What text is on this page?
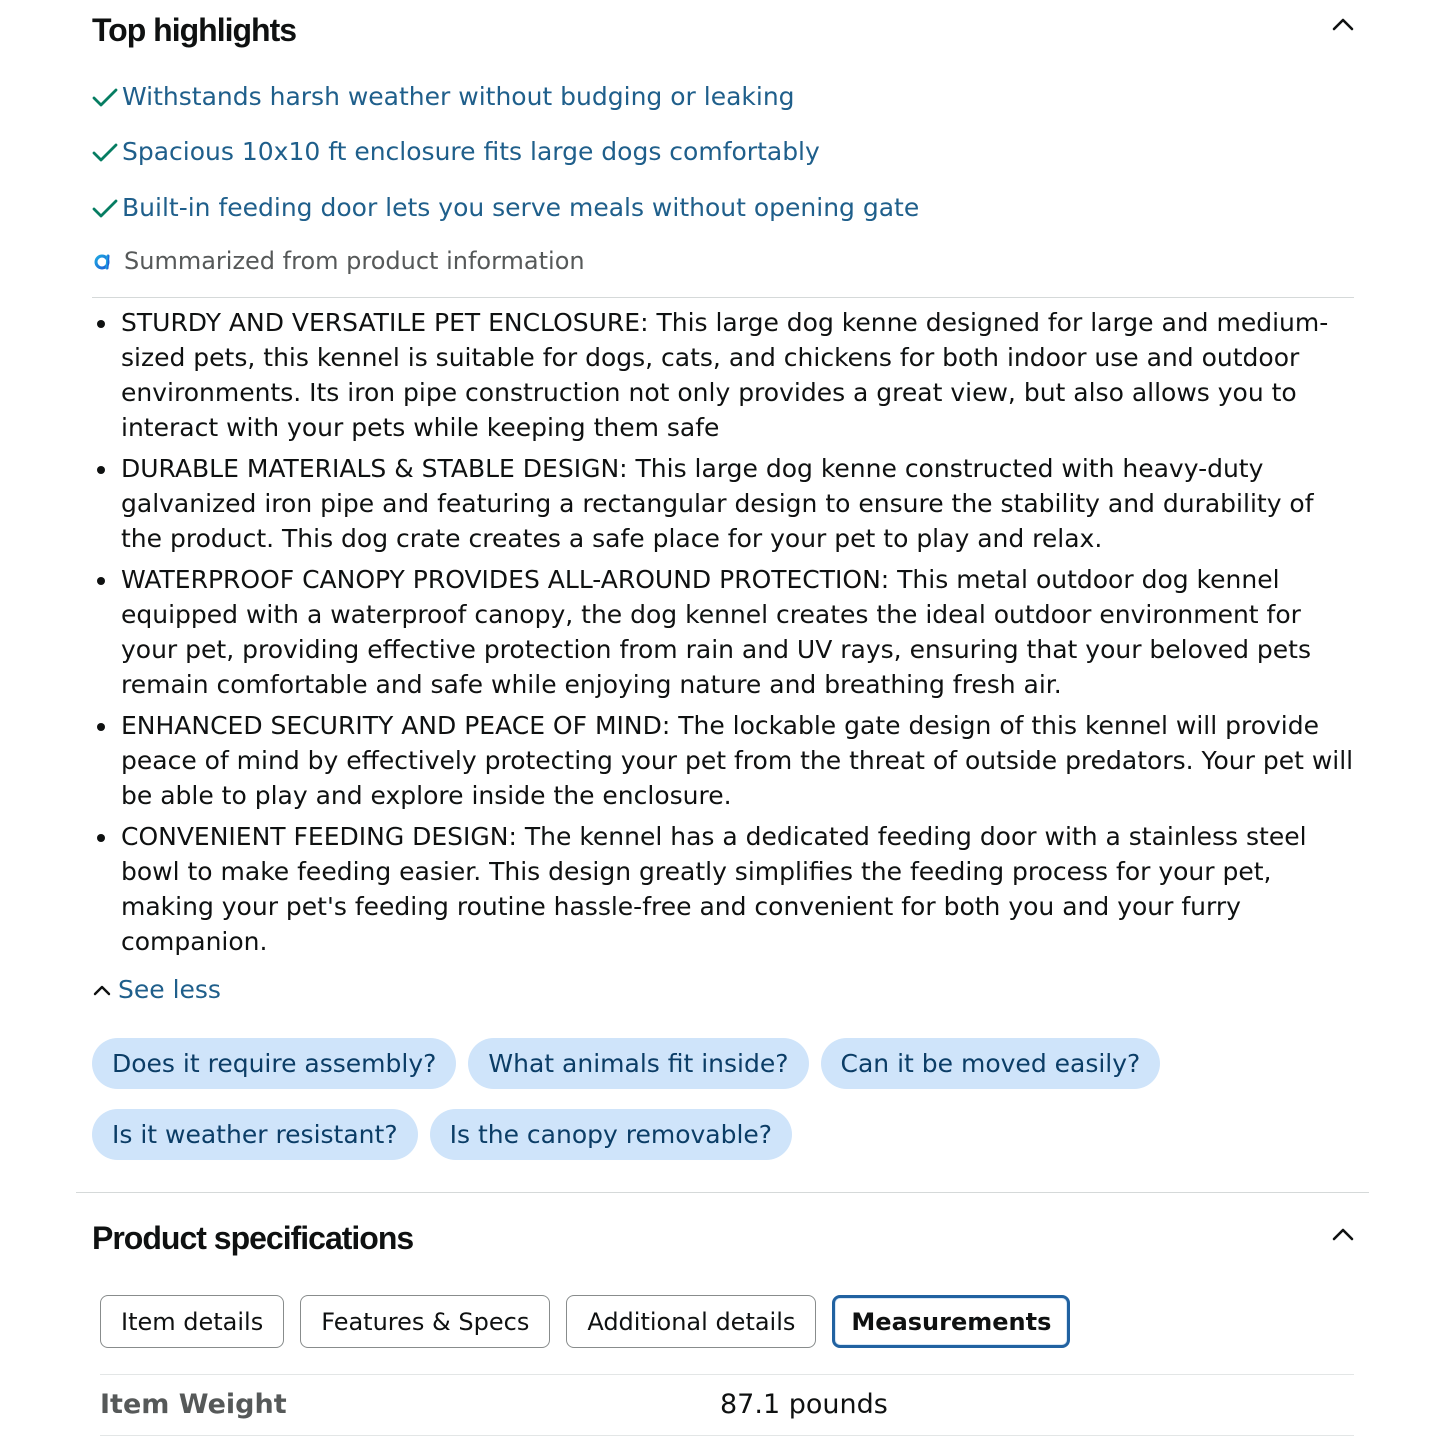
Top highlights
Withstands harsh weather without budging or leaking
Spacious 10x10 ft enclosure fits large dogs comfortably
Built-in feeding door lets you serve meals without opening gate
Summarized from product information
STURDY AND VERSATILE PET ENCLOSURE: This large dog kenne designed for large and medium-sized pets, this kennel is suitable for dogs, cats, and chickens for both indoor use and outdoor environments. Its iron pipe construction not only provides a great view, but also allows you to interact with your pets while keeping them safe
DURABLE MATERIALS & STABLE DESIGN: This large dog kenne constructed with heavy-duty galvanized iron pipe and featuring a rectangular design to ensure the stability and durability of the product. This dog crate creates a safe place for your pet to play and relax.
WATERPROOF CANOPY PROVIDES ALL-AROUND PROTECTION: This metal outdoor dog kennel equipped with a waterproof canopy, the dog kennel creates the ideal outdoor environment for your pet, providing effective protection from rain and UV rays, ensuring that your beloved pets remain comfortable and safe while enjoying nature and breathing fresh air.
ENHANCED SECURITY AND PEACE OF MIND: The lockable gate design of this kennel will provide peace of mind by effectively protecting your pet from the threat of outside predators. Your pet will be able to play and explore inside the enclosure.
CONVENIENT FEEDING DESIGN: The kennel has a dedicated feeding door with a stainless steel bowl to make feeding easier. This design greatly simplifies the feeding process for your pet, making your pet's feeding routine hassle-free and convenient for both you and your furry companion.
See less
Does it require assembly?	What animals fit inside?	Can it be moved easily?
Is it weather resistant?	Is the canopy removable?
Product specifications
Item details	Features & Specs	Additional details	Measurements
Item Weight	87.1 pounds
